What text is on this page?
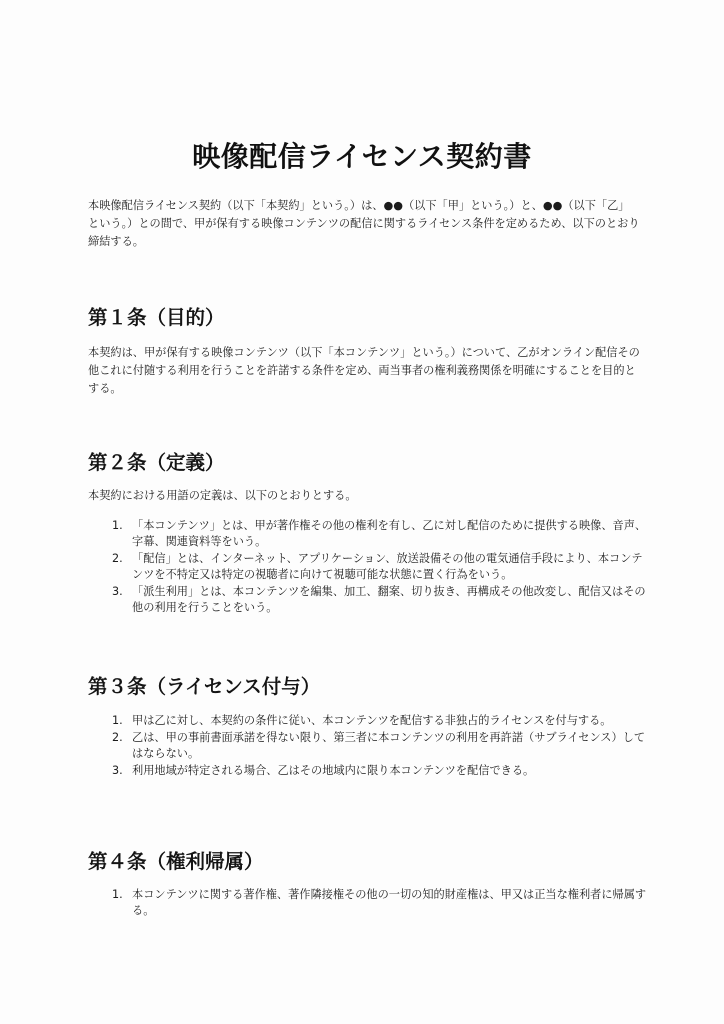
映像配信ライセンス契約書

本映像配信ライセンス契約（以下「本契約」という。）は、●●（以下「甲」という。）と、●●（以下「乙」という。）との間で、甲が保有する映像コンテンツの配信に関するライセンス条件を定めるため、以下のとおり締結する。

第１条（目的）

本契約は、甲が保有する映像コンテンツ（以下「本コンテンツ」という。）について、乙がオンライン配信その他これに付随する利用を行うことを許諾する条件を定め、両当事者の権利義務関係を明確にすることを目的とする。

第２条（定義）

本契約における用語の定義は、以下のとおりとする。

1. 「本コンテンツ」とは、甲が著作権その他の権利を有し、乙に対し配信のために提供する映像、音声、字幕、関連資料等をいう。
2. 「配信」とは、インターネット、アプリケーション、放送設備その他の電気通信手段により、本コンテンツを不特定又は特定の視聴者に向けて視聴可能な状態に置く行為をいう。
3. 「派生利用」とは、本コンテンツを編集、加工、翻案、切り抜き、再構成その他改変し、配信又はその他の利用を行うことをいう。
第３条（ライセンス付与）
1. 甲は乙に対し、本契約の条件に従い、本コンテンツを配信する非独占的ライセンスを付与する。
2. 乙は、甲の事前書面承諾を得ない限り、第三者に本コンテンツの利用を再許諾（サブライセンス）してはならない。
3. 利用地域が特定される場合、乙はその地域内に限り本コンテンツを配信できる。
第４条（権利帰属）
1. 本コンテンツに関する著作権、著作隣接権その他の一切の知的財産権は、甲又は正当な権利者に帰属する。
